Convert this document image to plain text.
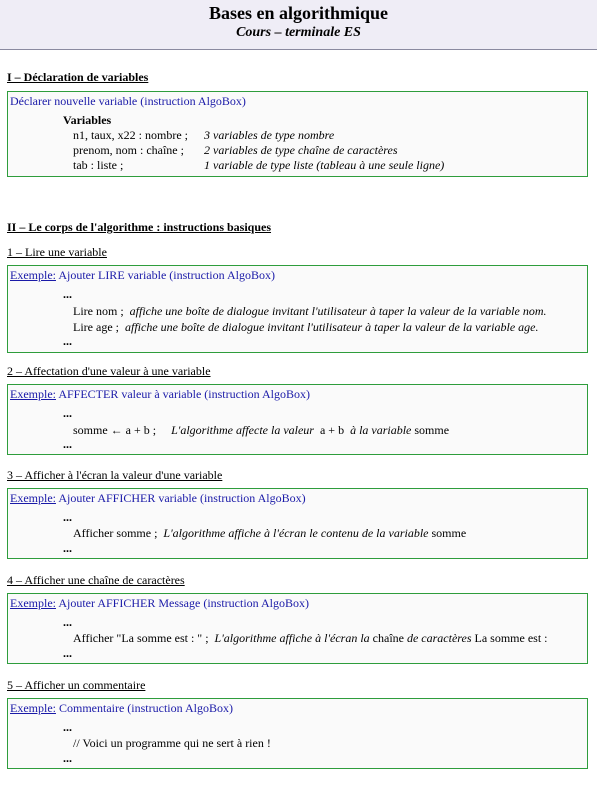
Bases en algorithmique
Cours – terminale ES
I – Déclaration de variables
Déclarer nouvelle variable (instruction AlgoBox)
Variables
n1, taux, x22 : nombre ; 3 variables de type nombre
prenom, nom : chaîne ; 2 variables de type chaîne de caractères
tab : liste ;	1 variable de type liste (tableau à une seule ligne)
II – Le corps de l'algorithme : instructions basiques
1 – Lire une variable
Exemple: Ajouter LIRE variable (instruction AlgoBox)
...
Lire nom ; affiche une boîte de dialogue invitant l'utilisateur à taper la valeur de la variable nom.
Lire age ; affiche une boîte de dialogue invitant l'utilisateur à taper la valeur de la variable age.
...
2 – Affectation d'une valeur à une variable
Exemple: AFFECTER valeur à variable (instruction AlgoBox)
...
somme ← a + b ; L'algorithme affecte la valeur a + b à la variable somme
...
3 – Afficher à l'écran la valeur d'une variable
Exemple: Ajouter AFFICHER variable (instruction AlgoBox)
...
Afficher somme ; L'algorithme affiche à l'écran le contenu de la variable somme
...
4 – Afficher une chaîne de caractères
Exemple: Ajouter AFFICHER Message (instruction AlgoBox)
...
Afficher "La somme est : " ; L'algorithme affiche à l'écran la chaîne de caractères La somme est :
...
5 – Afficher un commentaire
Exemple: Commentaire (instruction AlgoBox)
...
// Voici un programme qui ne sert à rien !
...
